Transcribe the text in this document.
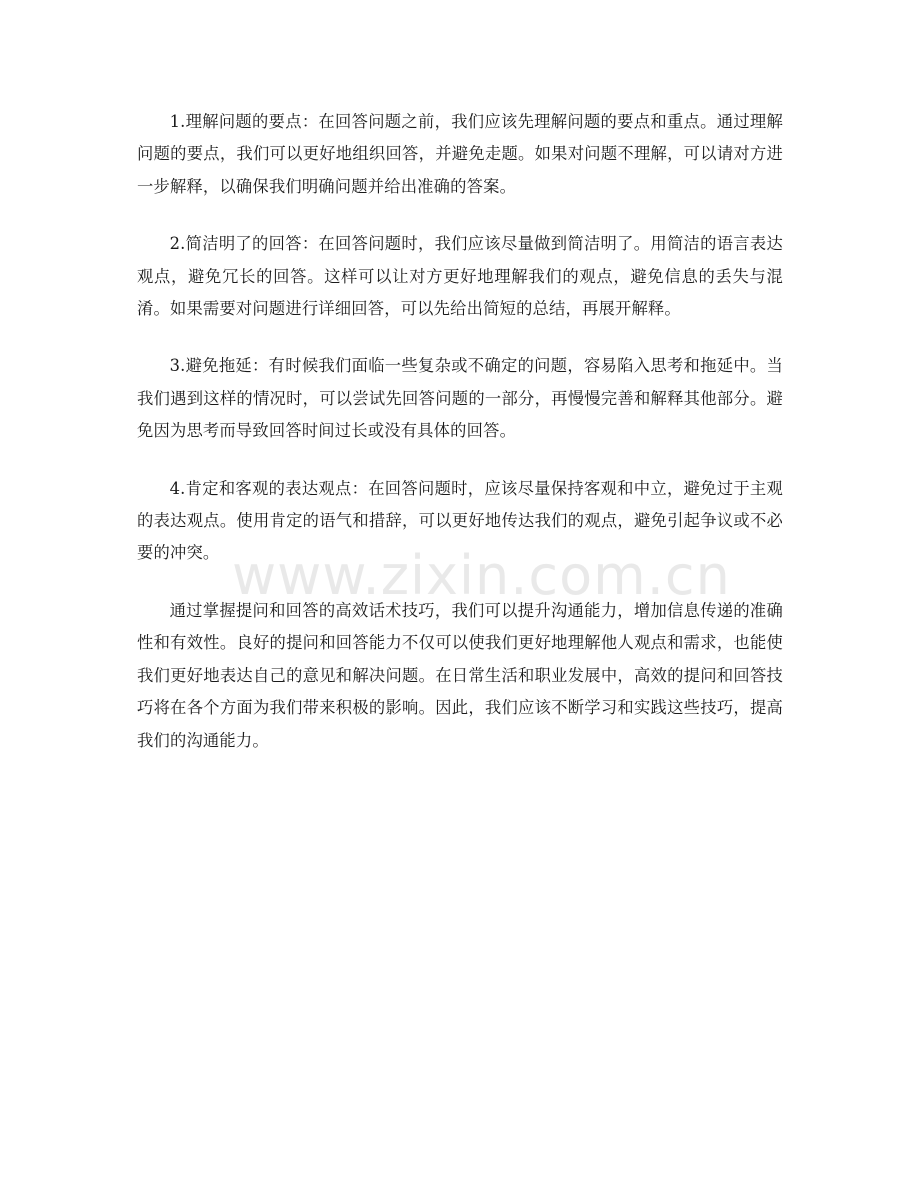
1.理解问题的要点：在回答问题之前，我们应该先理解问题的要点和重点。通过理解问题的要点，我们可以更好地组织回答，并避免走题。如果对问题不理解，可以请对方进一步解释，以确保我们明确问题并给出准确的答案。

2.简洁明了的回答：在回答问题时，我们应该尽量做到简洁明了。用简洁的语言表达观点，避免冗长的回答。这样可以让对方更好地理解我们的观点，避免信息的丢失与混淆。如果需要对问题进行详细回答，可以先给出简短的总结，再展开解释。

3.避免拖延：有时候我们面临一些复杂或不确定的问题，容易陷入思考和拖延中。当我们遇到这样的情况时，可以尝试先回答问题的一部分，再慢慢完善和解释其他部分。避免因为思考而导致回答时间过长或没有具体的回答。

4.肯定和客观的表达观点：在回答问题时，应该尽量保持客观和中立，避免过于主观的表达观点。使用肯定的语气和措辞，可以更好地传达我们的观点，避免引起争议或不必要的冲突。

通过掌握提问和回答的高效话术技巧，我们可以提升沟通能力，增加信息传递的准确性和有效性。良好的提问和回答能力不仅可以使我们更好地理解他人观点和需求，也能使我们更好地表达自己的意见和解决问题。在日常生活和职业发展中，高效的提问和回答技巧将在各个方面为我们带来积极的影响。因此，我们应该不断学习和实践这些技巧，提高我们的沟通能力。

www.zixin.com.cn
